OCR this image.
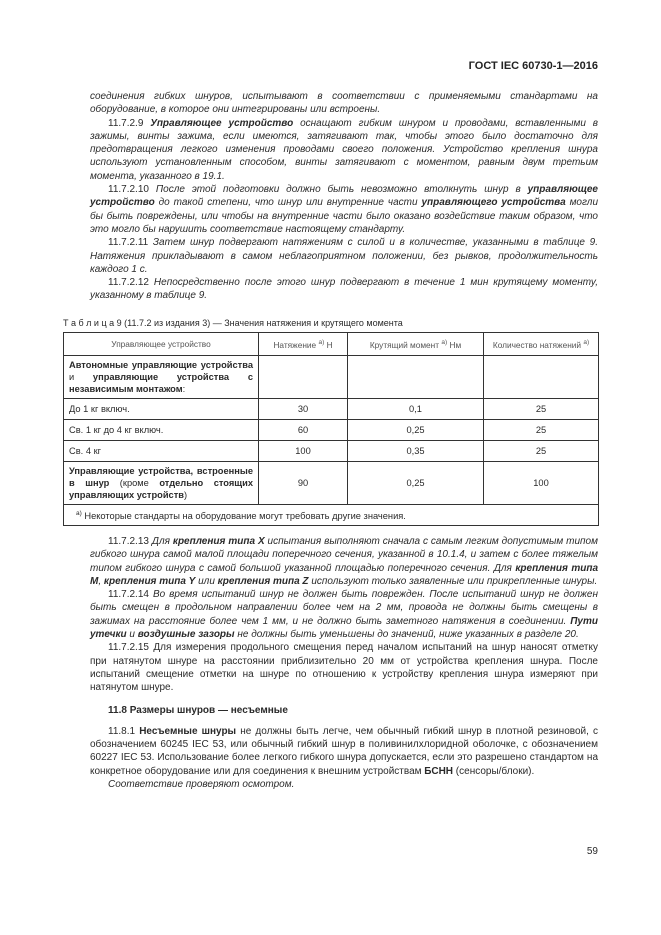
ГОСТ IEC 60730-1—2016

соединения гибких шнуров, испытывают в соответствии с применяемыми стандартами на оборудование, в которое они интегрированы или встроены.

11.7.2.9 Управляющее устройство оснащают гибким шнуром и проводами, вставленными в зажимы, винты зажима, если имеются, затягивают так, чтобы этого было достаточно для предотвращения легкого изменения проводами своего положения. Устройство крепления шнура используют установленным способом, винты затягивают с моментом, равным двум третьим момента, указанного в 19.1.

11.7.2.10 После этой подготовки должно быть невозможно втолкнуть шнур в управляющее устройство до такой степени, что шнур или внутренние части управляющего устройства могли бы быть повреждены, или чтобы на внутренние части было оказано воздействие таким образом, что это могло бы нарушить соответствие настоящему стандарту.

11.7.2.11 Затем шнур подвергают натяжениям с силой и в количестве, указанными в таблице 9. Натяжения прикладывают в самом неблагоприятном положении, без рывков, продолжительность каждого 1 с.

11.7.2.12 Непосредственно после этого шнур подвергают в течение 1 мин крутящему моменту, указанному в таблице 9.

Т а б л и ц а 9 (11.7.2 из издания 3) — Значения натяжения и крутящего момента
Управляющее устройство	Натяжение $^{а)}$ Н	Крутящий момент $^{а)}$ Нм	Количество натяжений $^{а)}$
Автономные управляющие устройства и управляющие устройства с независимым монтажом:			
До 1 кг включ.	30	0,1	25
Св. 1 кг до 4 кг включ.	60	0,25	25
Св. 4 кг	100	0,35	25
Управляющие устройства, встроенные в шнур (кроме отдельно стоящих управляющих устройств)	90	0,25	100
$^{а)}$ Некоторые стандарты на оборудование могут требовать другие значения.			

11.7.2.13 Для крепления типа X испытания выполняют сначала с самым легким допустимым типом гибкого шнура самой малой площади поперечного сечения, указанной в 10.1.4, и затем с более тяжелым типом гибкого шнура с самой большой указанной площадью поперечного сечения. Для крепления типа M, крепления типа Y или крепления типа Z используют только заявленные или прикрепленные шнуры.

11.7.2.14 Во время испытаний шнур не должен быть поврежден. После испытаний шнур не должен быть смещен в продольном направлении более чем на 2 мм, провода не должны быть смещены в зажимах на расстояние более чем 1 мм, и не должно быть заметного натяжения в соединении. Пути утечки и воздушные зазоры не должны быть уменьшены до значений, ниже указанных в разделе 20.

11.7.2.15 Для измерения продольного смещения перед началом испытаний на шнур наносят отметку при натянутом шнуре на расстоянии приблизительно 20 мм от устройства крепления шнура. После испытаний смещение отметки на шнуре по отношению к устройству крепления шнура измеряют при натянутом шнуре.

11.8 Размеры шнуров — несъемные

11.8.1 Несъемные шнуры не должны быть легче, чем обычный гибкий шнур в плотной резиновой, с обозначением 60245 IEC 53, или обычный гибкий шнур в поливинилхлоридной оболочке, с обозначением 60227 IEC 53. Использование более легкого гибкого шнура допускается, если это разрешено стандартом на конкретное оборудование или для соединения к внешним устройствам БСНН (сенсоры/блоки).

Соответствие проверяют осмотром.

59
